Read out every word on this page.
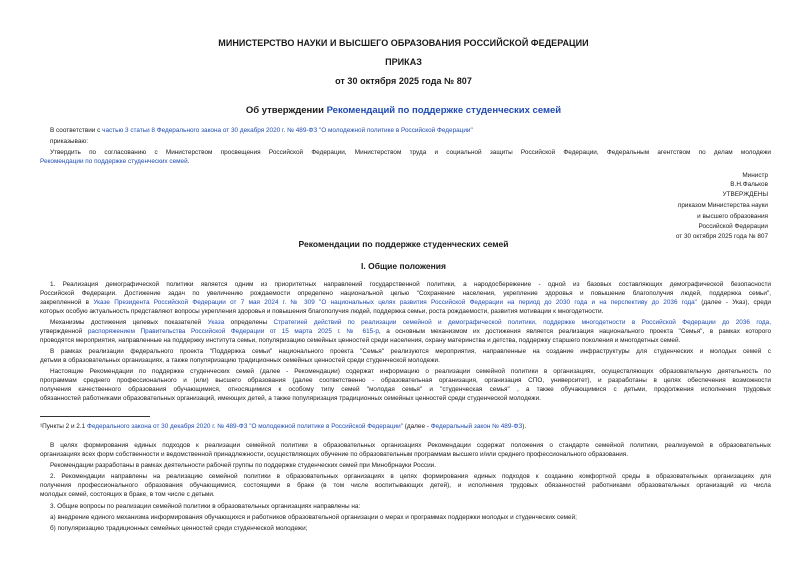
МИНИСТЕРСТВО НАУКИ И ВЫСШЕГО ОБРАЗОВАНИЯ РОССИЙСКОЙ ФЕДЕРАЦИИ
ПРИКАЗ
от 30 октября 2025 года № 807
Об утверждении Рекомендаций по поддержке студенческих семей
В соответствии с частью 3 статьи 8 Федерального закона от 30 декабря 2020 г. № 489-ФЗ "О молодежной политике в Российской Федерации"
приказываю:
Утвердить по согласованию с Министерством просвещения Российской Федерации, Министерством труда и социальной защиты Российской Федерации, Федеральным агентством по делам молодежи
Рекомендации по поддержке студенческих семей.
Министр
В.Н.Фальков
УТВЕРЖДЕНЫ
приказом Министерства науки
и высшего образования
Российской Федерации
от 30 октября 2025 года № 807
Рекомендации по поддержке студенческих семей
I. Общие положения
1. Реализация демографической политики является одним из приоритетных направлений государственной политики, а народосбережение - одной из базовых составляющих демографической безопасности
Российской Федерации. Достижение задач по увеличению рождаемости определено национальной целью "Сохранение населения, укрепление здоровья и повышение благополучия людей, поддержка семьи",
закрепленной в Указе Президента Российской Федерации от 7 мая 2024 г. № 309 "О национальных целях развития Российской Федерации на период до 2030 года и на перспективу до 2036 года" (далее - Указ), среди
которых особую актуальность представляют вопросы укрепления здоровья и повышения благополучия людей, поддержка семьи, роста рождаемости, развития мотивации к многодетности.
Механизмы достижения целевых показателей Указа определены Стратегией действий по реализации семейной и демографической политики, поддержке многодетности в Российской Федерации до 2036 года,
утвержденной распоряжением Правительства Российской Федерации от 15 марта 2025 г. № 615-р, а основным механизмом их достижения является реализация национального проекта "Семья", в рамках которого
проводятся мероприятия, направленные на поддержку института семьи, популяризацию семейных ценностей среди населения, охрану материнства и детства, поддержку старшего поколения и многодетных семей.
В рамках реализации федерального проекта "Поддержка семьи" национального проекта "Семья" реализуются мероприятия, направленные на создание инфраструктуры для студенческих и молодых семей с
детьми в образовательных организациях, а также популяризацию традиционных семейных ценностей среди студенческой молодежи.
Настоящие Рекомендации по поддержке студенческих семей (далее - Рекомендации) содержат информацию о реализации семейной политики в организациях, осуществляющих образовательную деятельность по
программам среднего профессионального и (или) высшего образования (далее соответственно - образовательная организация, организация СПО, университет), и разработаны в целях обеспечения возможности
получения качественного образования обучающимися, относящимися к особому типу семей "молодая семья" и "студенческая семья" , а также обучающимися с детьми, продолжения исполнения трудовых
обязанностей работниками образовательных организаций, имеющих детей, а также популяризация традиционных семейных ценностей среди студенческой молодежи.
¹Пункты 2 и 2.1 Федерального закона от 30 декабря 2020 г. № 489-ФЗ "О молодежной политике в Российской Федерации" (далее - Федеральный закон № 489-ФЗ).
В целях формирования единых подходов к реализации семейной политики в образовательных организациях Рекомендации содержат положения о стандарте семейной политики, реализуемой в образовательных
организациях всех форм собственности и ведомственной принадлежности, осуществляющих обучение по образовательным программам высшего и/или среднего профессионального образования.
Рекомендации разработаны в рамках деятельности рабочей группы по поддержке студенческих семей при Минобрнауки России.
2. Рекомендации направлены на реализацию семейной политики в образовательных организациях в целях формирования единых подходов к созданию комфортной среды в образовательных организациях для
получения профессионального образования обучающимися, состоящими в браке (в том числе воспитывающих детей), и исполнения трудовых обязанностей работниками образовательных организаций из числа
молодых семей, состоящих в браке, в том числе с детьми.
3. Общие вопросы по реализации семейной политики в образовательных организациях направлены на:
а) внедрение единого механизма информирования обучающихся и работников образовательной организации о мерах и программах поддержки молодых и студенческих семей;
б) популяризацию традиционных семейных ценностей среди студенческой молодежи;
